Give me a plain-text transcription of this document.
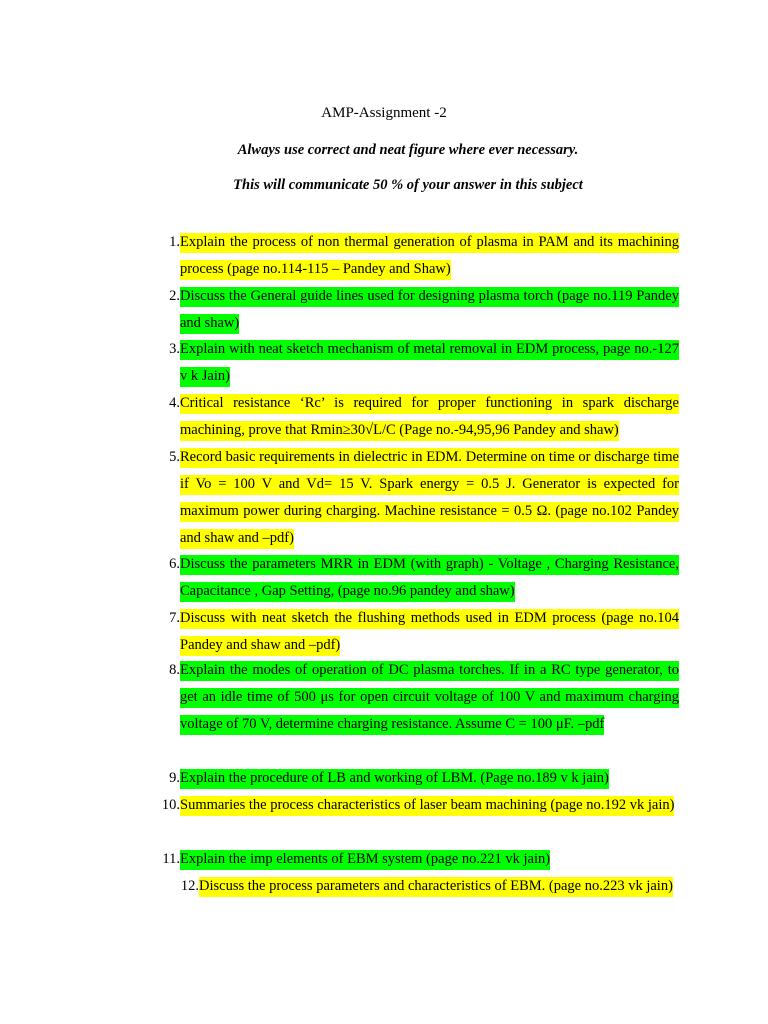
AMP-Assignment -2
Always use correct and neat figure where ever necessary.
This will communicate 50 % of your answer in this subject
1. Explain the process of non thermal generation of plasma in PAM and its machining process (page no.114-115 – Pandey and Shaw)
2. Discuss the General guide lines used for designing plasma torch (page no.119 Pandey and shaw)
3. Explain with neat sketch mechanism of metal removal in EDM process, page no.-127 v k Jain)
4. Critical resistance ‘Rc’ is required for proper functioning in spark discharge machining, prove that Rmin≥30√L/C (Page no.-94,95,96 Pandey and shaw)
5. Record basic requirements in dielectric in EDM. Determine on time or discharge time if Vo = 100 V and Vd= 15 V. Spark energy = 0.5 J. Generator is expected for maximum power during charging. Machine resistance = 0.5 Ω. (page no.102 Pandey and shaw and –pdf)
6. Discuss the parameters MRR in EDM (with graph) - Voltage , Charging Resistance, Capacitance , Gap Setting, (page no.96 pandey and shaw)
7. Discuss with neat sketch the flushing methods used in EDM process (page no.104 Pandey and shaw and –pdf)
8. Explain the modes of operation of DC plasma torches. If in a RC type generator, to get an idle time of 500 μs for open circuit voltage of 100 V and maximum charging voltage of 70 V, determine charging resistance. Assume C = 100 μF. –pdf
9. Explain the procedure of LB and working of LBM. (Page no.189 v k jain)
10. Summaries the process characteristics of laser beam machining (page no.192 vk jain)
11. Explain the imp elements of EBM system (page no.221 vk jain)
12. Discuss the process parameters and characteristics of EBM. (page no.223 vk jain)
